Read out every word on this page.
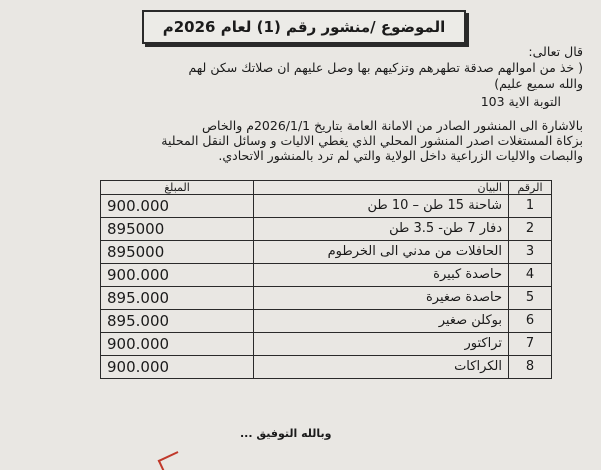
الموضوع /منشور رقم (1) لعام 2026م
قال تعالى:
( خذ من اموالهم صدقة تطهرهم وتزكيهم بها وصل عليهم ان صلاتك سكن لهم
والله سميع عليم)
التوبة الاية 103
بالاشارة الى المنشور الصادر من الامانة العامة بتاريخ 2026/1/1م والخاص
بزكاة المستغلات اصدر المنشور المحلي الذي يغطي الاليات و وسائل النقل المحلية
والبصات والاليات الزراعية داخل الولاية والتي لم ترد بالمنشور الاتحادي.
الرقم	البيان	المبلغ
1	شاحنة 15 طن – 10 طن	900.000
2	دفار 7 طن- 3.5 طن	895000
3	الحافلات من مدني الى الخرطوم	895000
4	حاصدة كبيرة	900.000
5	حاصدة صغيرة	895.000
6	بوكلن صغير	895.000
7	تراكتور	900.000
8	الكراكات	900.000
وبالله التوفيق ...
